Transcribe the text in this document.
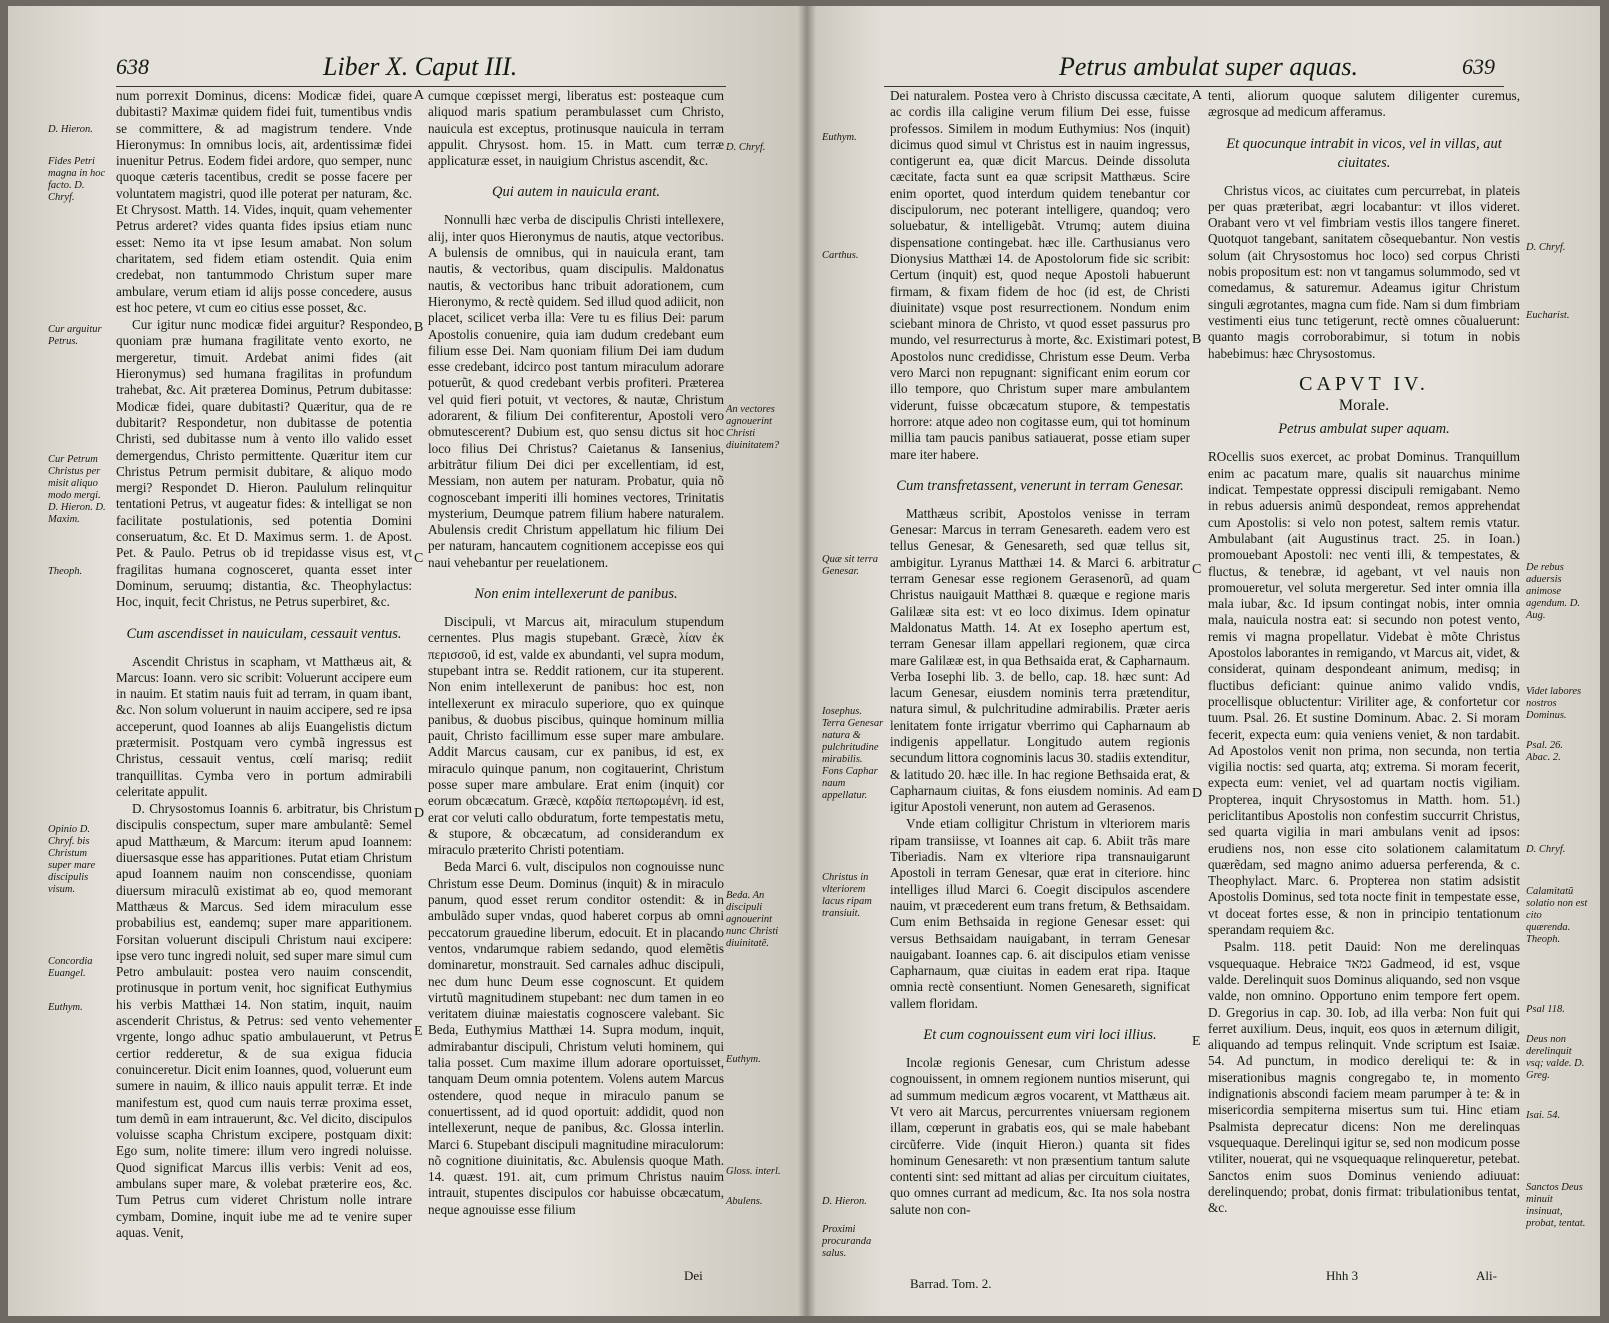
638	Liber X. Caput III.
D. Hieron.
Fides Petri magna in hoc facto. D. Chryf.
Cur arguitur Petrus.
Cur Petrum Christus per misit aliquo modo mergi. D. Hieron. D. Maxim.
Theoph.
Opinio D. Chryf. bis Christum super mare discipulis visum.
Concordia Euangel.
Euthym.
D. Chryf.
An vectores agnouerint Christi diuinitatem?
Beda. An discipuli agnouerint nunc Christi diuinitatẽ.
Euthym.
Gloss. interl.
Abulens.
A
B
C
D
E

num porrexit Dominus, dicens: Modicæ fidei, quare dubitasti? Maximæ quidem fidei fuit, tumentibus vndis se committere, & ad magistrum tendere. Vnde Hieronymus: In omnibus locis, ait, ardentissimæ fidei inuenitur Petrus. Eodem fidei ardore, quo semper, nunc quoque cæteris tacentibus, credit se posse facere per voluntatem magistri, quod ille poterat per naturam, &c. Et Chrysost. Matth. 14. Vides, inquit, quam vehementer Petrus arderet? vides quanta fides ipsius etiam nunc esset: Nemo ita vt ipse Iesum amabat. Non solum charitatem, sed fidem etiam ostendit. Quia enim credebat, non tantummodo Christum super mare ambulare, verum etiam id alijs posse concedere, ausus est hoc petere, vt cum eo citius esse posset, &c.

Cur igitur nunc modicæ fidei arguitur? Respondeo, quoniam præ humana fragilitate vento exorto, ne mergeretur, timuit. Ardebat animi fides (ait Hieronymus) sed humana fragilitas in profundum trahebat, &c. Ait præterea Dominus, Petrum dubitasse: Modicæ fidei, quare dubitasti? Quæritur, qua de re dubitarit? Respondetur, non dubitasse de potentia Christi, sed dubitasse num à vento illo valido esset demergendus, Christo permittente. Quæritur item cur Christus Petrum permisit dubitare, & aliquo modo mergi? Respondet D. Hieron. Paululum relinquitur tentationi Petrus, vt augeatur fides: & intelligat se non facilitate postulationis, sed potentia Domini conseruatum, &c. Et D. Maximus serm. 1. de Apost. Pet. & Paulo. Petrus ob id trepidasse visus est, vt fragilitas humana cognosceret, quanta esset inter Dominum, seruumq; distantia, &c. Theophylactus: Hoc, inquit, fecit Christus, ne Petrus superbiret, &c.

Cum ascendisset in nauiculam, cessauit ventus.

Ascendit Christus in scapham, vt Matthæus ait, & Marcus: Ioann. vero sic scribit: Voluerunt accipere eum in nauim. Et statim nauis fuit ad terram, in quam ibant, &c. Non solum voluerunt in nauim accipere, sed re ipsa acceperunt, quod Ioannes ab alijs Euangelistis dictum prætermisit. Postquam vero cymbã ingressus est Christus, cessauit ventus, cœlí marisq; rediit tranquillitas. Cymba vero in portum admirabili celeritate appulit.

D. Chrysostomus Ioannis 6. arbitratur, bis Christum discipulis conspectum, super mare ambulantẽ: Semel apud Matthæum, & Marcum: iterum apud Ioannem: diuersasque esse has apparitiones. Putat etiam Christum apud Ioannem nauim non conscendisse, quoniam diuersum miraculũ existimat ab eo, quod memorant Matthæus & Marcus. Sed idem miraculum esse probabilius est, eandemq; super mare apparitionem. Forsitan voluerunt discipuli Christum naui excipere: ipse vero tunc ingredi noluit, sed super mare simul cum Petro ambulauit: postea vero nauim conscendit, protinusque in portum venit, hoc significat Euthymius his verbis Matthæi 14. Non statim, inquit, nauim ascenderit Christus, & Petrus: sed vento vehementer vrgente, longo adhuc spatio ambulauerunt, vt Petrus certior redderetur, & de sua exigua fiducia conuinceretur. Dicit enim Ioannes, quod, voluerunt eum sumere in nauim, & illico nauis appulit terræ. Et inde manifestum est, quod cum nauis terræ proxima esset, tum demũ in eam intrauerunt, &c. Vel dicito, discipulos voluisse scapha Christum excipere, postquam dixit: Ego sum, nolite timere: illum vero ingredi noluisse. Quod significat Marcus illis verbis: Venit ad eos, ambulans super mare, & volebat præterire eos, &c. Tum Petrus cum videret Christum nolle intrare cymbam, Domine, inquit iube me ad te venire super aquas. Venit,

cumque cœpisset mergi, liberatus est: posteaque cum aliquod maris spatium perambulasset cum Christo, nauicula est exceptus, protinusque nauicula in terram appulit. Chrysost. hom. 15. in Matt. cum terræ applicaturæ esset, in nauigium Christus ascendit, &c.

Qui autem in nauicula erant.

Nonnulli hæc verba de discipulis Christi intellexere, alij, inter quos Hieronymus de nautis, atque vectoribus. A bulensis de omnibus, qui in nauicula erant, tam nautis, & vectoribus, quam discipulis. Maldonatus nautis, & vectoribus hanc tribuit adorationem, cum Hieronymo, & rectè quidem. Sed illud quod adiicit, non placet, scilicet verba illa: Vere tu es filius Dei: parum Apostolis conuenire, quia iam dudum credebant eum filium esse Dei. Nam quoniam filium Dei iam dudum esse credebant, idcirco post tantum miraculum adorare potuerũt, & quod credebant verbis profiteri. Præterea vel quid fieri potuit, vt vectores, & nautæ, Christum adorarent, & filium Dei confiterentur, Apostoli vero obmutescerent? Dubium est, quo sensu dictus sit hoc loco filius Dei Christus? Caietanus & Iansenius, arbitrãtur filium Dei dici per excellentiam, id est, Messiam, non autem per naturam. Probatur, quia nõ cognoscebant imperiti illi homines vectores, Trinitatis mysterium, Deumque patrem filium habere naturalem. Abulensis credit Christum appellatum hic filium Dei per naturam, hancautem cognitionem accepisse eos qui naui vehebantur per reuelationem.

Non enim intellexerunt de panibus.

Discipuli, vt Marcus ait, miraculum stupendum cernentes. Plus magis stupebant. Græcè, λίαν ἐκ περισσοῦ, id est, valde ex abundanti, vel supra modum, stupebant intra se. Reddit rationem, cur ita stuperent. Non enim intellexerunt de panibus: hoc est, non intellexerunt ex miraculo superiore, quo ex quinque panibus, & duobus piscibus, quinque hominum millia pauit, Christo facillimum esse super mare ambulare. Addit Marcus causam, cur ex panibus, id est, ex miraculo quinque panum, non cogitauerint, Christum posse super mare ambulare. Erat enim (inquit) cor eorum obcæcatum. Græcè, καρδία πεπωρωμένη. id est, erat cor veluti callo obduratum, forte tempestatis metu, & stupore, & obcæcatum, ad considerandum ex miraculo præterito Christi potentiam.

Beda Marci 6. vult, discipulos non cognouisse nunc Christum esse Deum. Dominus (inquit) & in miraculo panum, quod esset rerum conditor ostendit: & in ambulãdo super vndas, quod haberet corpus ab omni peccatorum grauedine liberum, edocuit. Et in placando ventos, vndarumque rabiem sedando, quod elemẽtis dominaretur, monstrauit. Sed carnales adhuc discipuli, nec dum hunc Deum esse cognoscunt. Et quidem virtutũ magnitudinem stupebant: nec dum tamen in eo veritatem diuinæ maiestatis cognoscere valebant. Sic Beda, Euthymius Matthæi 14. Supra modum, inquit, admirabantur discipuli, Christum veluti hominem, qui talia posset. Cum maxime illum adorare oportuisset, tanquam Deum omnia potentem. Volens autem Marcus ostendere, quod neque in miraculo panum se conuertissent, ad id quod oportuit: addidit, quod non intellexerunt, neque de panibus, &c. Glossa interlin. Marci 6. Stupebant discipuli magnitudine miraculorum: nõ cognitione diuinitatis, &c. Abulensis quoque Math. 14. quæst. 191. ait, cum primum Christus nauim intrauit, stupentes discipulos cor habuisse obcæcatum, neque agnouisse esse filium

Dei
Petrus ambulat super aquas.	639
Euthym.
Carthus.
Quæ sit terra Genesar.
Iosephus. Terra Genesar natura & pulchritudine mirabilis. Fons Caphar naum appellatur.
Christus in vlteriorem lacus ripam transiuit.
D. Hieron.
Proximi procuranda salus.
D. Chryf.
Eucharist.
De rebus aduersis animose agendum. D. Aug.
Videt labores nostros Dominus.
Psal. 26. Abac. 2.
D. Chryf.
Calamitatũ solatio non est cito quærenda. Theoph.
Psal 118.
Deus non derelinquit vsq; valde. D. Greg.
Isai. 54.
Sanctos Deus minuit insinuat, probat, tentat.
A
B
C
D
E

Dei naturalem. Postea vero à Christo discussa cæcitate, ac cordis illa caligine verum filium Dei esse, fuisse professos. Similem in modum Euthymius: Nos (inquit) dicimus quod simul vt Christus est in nauim ingressus, contigerunt ea, quæ dicit Marcus. Deinde dissoluta cæcitate, facta sunt ea quæ scripsit Matthæus. Scire enim oportet, quod interdum quidem tenebantur cor discipulorum, nec poterant intelligere, quandoq; vero soluebatur, & intelligebãt. Vtrumq; autem diuina dispensatione contingebat. hæc ille. Carthusianus vero Dionysius Matthæi 14. de Apostolorum fide sic scribit: Certum (inquit) est, quod neque Apostoli habuerunt firmam, & fixam fidem de hoc (id est, de Christi diuinitate) vsque post resurrectionem. Nondum enim sciebant minora de Christo, vt quod esset passurus pro mundo, vel resurrecturus à morte, &c. Existimari potest, Apostolos nunc credidisse, Christum esse Deum. Verba vero Marci non repugnant: significant enim eorum cor illo tempore, quo Christum super mare ambulantem viderunt, fuisse obcæcatum stupore, & tempestatis horrore: atque adeo non cogitasse eum, qui tot hominum millia tam paucis panibus satiauerat, posse etiam super mare iter habere.

Cum transfretassent, venerunt in terram Genesar.

Matthæus scribit, Apostolos venisse in terram Genesar: Marcus in terram Genesareth. eadem vero est tellus Genesar, & Genesareth, sed quæ tellus sit, ambigitur. Lyranus Matthæi 14. & Marci 6. arbitratur terram Genesar esse regionem Gerasenorũ, ad quam Christus nauigauit Matthæi 8. quæque e regione maris Galilææ sita est: vt eo loco diximus. Idem opinatur Maldonatus Matth. 14. At ex Iosepho apertum est, terram Genesar illam appellari regionem, quæ circa mare Galilææ est, in qua Bethsaida erat, & Capharnaum. Verba Iosephi lib. 3. de bello, cap. 18. hæc sunt: Ad lacum Genesar, eiusdem nominis terra prætenditur, natura simul, & pulchritudine admirabilis. Præter aeris lenitatem fonte irrigatur vberrimo qui Capharnaum ab indigenis appellatur. Longitudo autem regionis secundum littora cognominis lacus 30. stadiis extenditur, & latitudo 20. hæc ille. In hac regione Bethsaida erat, & Capharnaum ciuitas, & fons eiusdem nominis. Ad eam igitur Apostoli venerunt, non autem ad Gerasenos.

Vnde etiam colligitur Christum in vlteriorem maris ripam transiisse, vt Ioannes ait cap. 6. Abiit trãs mare Tiberiadis. Nam ex vlteriore ripa transnauigarunt Apostoli in terram Genesar, quæ erat in citeriore. hinc intelliges illud Marci 6. Coegit discipulos ascendere nauim, vt præcederent eum trans fretum, & Bethsaidam. Cum enim Bethsaida in regione Genesar esset: qui versus Bethsaidam nauigabant, in terram Genesar nauigabant. Ioannes cap. 6. ait discipulos etiam venisse Capharnaum, quæ ciuitas in eadem erat ripa. Itaque omnia rectè consentiunt. Nomen Genesareth, significat vallem floridam.

Et cum cognouissent eum viri loci illius.

Incolæ regionis Genesar, cum Christum adesse cognouissent, in omnem regionem nuntios miserunt, qui ad summum medicum ægros vocarent, vt Matthæus ait. Vt vero ait Marcus, percurrentes vniuersam regionem illam, cœperunt in grabatis eos, qui se male habebant circũferre. Vide (inquit Hieron.) quanta sit fides hominum Genesareth: vt non præsentium tantum salute contenti sint: sed mittant ad alias per circuitum ciuitates, quo omnes currant ad medicum, &c. Ita nos sola nostra salute non con-

tenti, aliorum quoque salutem diligenter curemus, ægrosque ad medicum afferamus.

Et quocunque intrabit in vicos, vel in villas, aut ciuitates.

Christus vicos, ac ciuitates cum percurrebat, in plateis per quas præteribat, ægri locabantur: vt illos videret. Orabant vero vt vel fimbriam vestis illos tangere fineret. Quotquot tangebant, sanitatem cõsequebantur. Non vestis solum (ait Chrysostomus hoc loco) sed corpus Christi nobis propositum est: non vt tangamus solummodo, sed vt comedamus, & saturemur. Adeamus igitur Christum singuli ægrotantes, magna cum fide. Nam si dum fimbriam vestimenti eius tunc tetigerunt, rectè omnes cõualuerunt: quanto magis corroborabimur, si totum in nobis habebimus: hæc Chrysostomus.

CAPVT IV.
Morale.
Petrus ambulat super aquam.

ROcellis suos exercet, ac probat Dominus. Tranquillum enim ac pacatum mare, qualis sit nauarchus minime indicat. Tempestate oppressi discipuli remigabant. Nemo in rebus aduersis animũ despondeat, remos apprehendat cum Apostolis: si velo non potest, saltem remis vtatur. Ambulabant (ait Augustinus tract. 25. in Ioan.) promouebant Apostoli: nec venti illi, & tempestates, & fluctus, & tenebræ, id agebant, vt vel nauis non promoueretur, vel soluta mergeretur. Sed inter omnia illa mala iubar, &c. Id ipsum contingat nobis, inter omnia mala, nauicula nostra eat: si secundo non potest vento, remis vi magna propellatur. Videbat è mõte Christus Apostolos laborantes in remigando, vt Marcus ait, videt, & considerat, quinam despondeant animum, medisq; in fluctibus deficiant: quinue animo valido vndis, procellisque obluctentur: Viriliter age, & confortetur cor tuum. Psal. 26. Et sustine Dominum. Abac. 2. Si moram fecerit, expecta eum: quia veniens veniet, & non tardabit. Ad Apostolos venit non prima, non secunda, non tertia vigilia noctis: sed quarta, atq; extrema. Si moram fecerit, expecta eum: veniet, vel ad quartam noctis vigiliam. Propterea, inquit Chrysostomus in Matth. hom. 51.) periclitantibus Apostolis non confestim succurrit Christus, sed quarta vigilia in mari ambulans venit ad ipsos: erudiens nos, non esse cito solationem calamitatum quærẽdam, sed magno animo aduersa perferenda, & c. Theophylact. Marc. 6. Propterea non statim adsistit Apostolis Dominus, sed tota nocte finit in tempestate esse, vt doceat fortes esse, & non in principio tentationum sperandam requiem &c.

Psalm. 118. petit Dauid: Non me derelinquas vsquequaque. Hebraice גמאד Gadmeod, id est, vsque valde. Derelinquit suos Dominus aliquando, sed non vsque valde, non omnino. Opportuno enim tempore fert opem. D. Gregorius in cap. 30. Iob, ad illa verba: Non fuit qui ferret auxilium. Deus, inquit, eos quos in æternum diligit, aliquando ad tempus relinquit. Vnde scriptum est Isaiæ. 54. Ad punctum, in modico dereliqui te: & in miserationibus magnis congregabo te, in momento indignationis abscondi faciem meam parumper à te: & in misericordia sempiterna misertus sum tui. Hinc etiam Psalmista deprecatur dicens: Non me derelinquas vsquequaque. Derelinqui igitur se, sed non modicum posse vtiliter, nouerat, qui ne vsquequaque relinqueretur, petebat. Sanctos enim suos Dominus veniendo adiuuat: derelinquendo; probat, donis firmat: tribulationibus tentat, &c.

Barrad. Tom. 2.
Hhh 3	Ali-
